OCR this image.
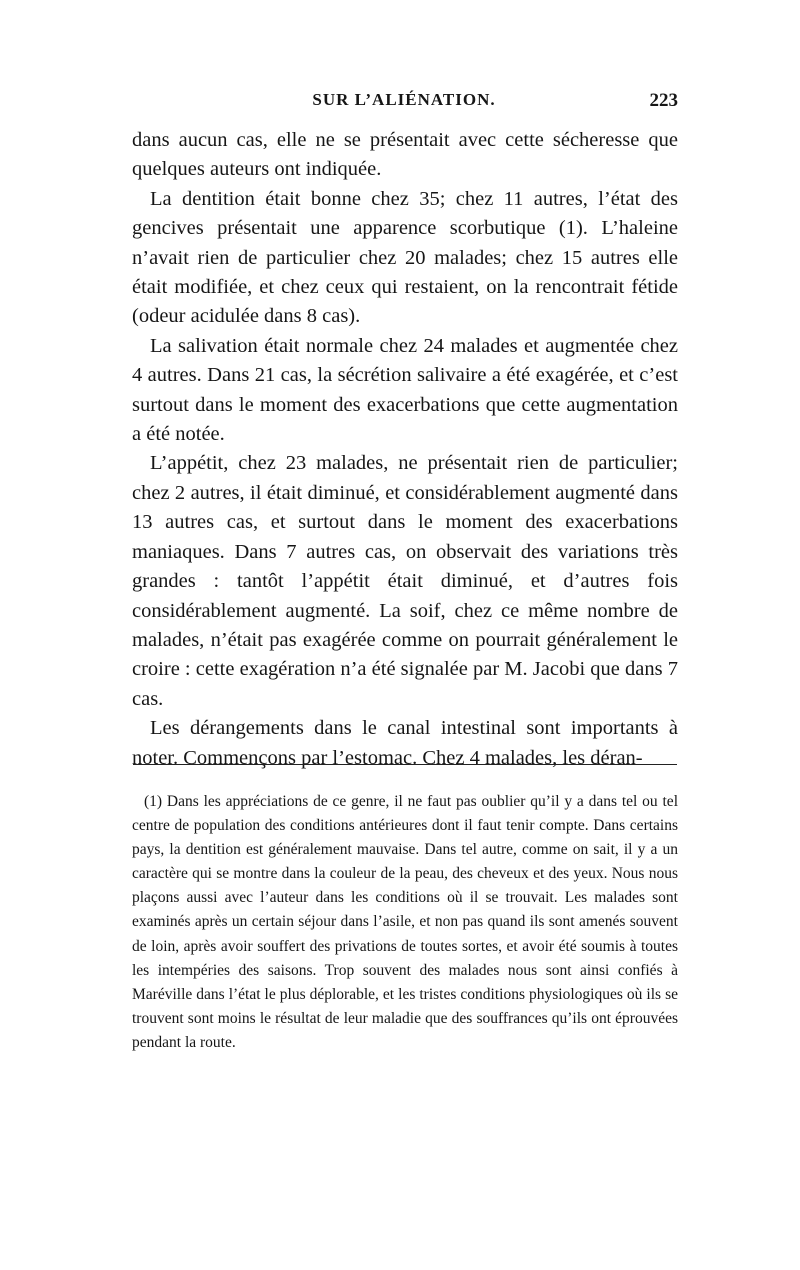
SUR L’ALIÉNATION.	223

dans aucun cas, elle ne se présentait avec cette sécheresse que quelques auteurs ont indiquée.

La dentition était bonne chez 35; chez 11 autres, l’état des gencives présentait une apparence scorbutique (1). L’haleine n’avait rien de particulier chez 20 malades; chez 15 autres elle était modifiée, et chez ceux qui restaient, on la rencontrait fétide (odeur acidulée dans 8 cas).

La salivation était normale chez 24 malades et augmentée chez 4 autres. Dans 21 cas, la sécrétion salivaire a été exagérée, et c’est surtout dans le moment des exacerbations que cette augmentation a été notée.

L’appétit, chez 23 malades, ne présentait rien de particulier; chez 2 autres, il était diminué, et considérablement augmenté dans 13 autres cas, et surtout dans le moment des exacerbations maniaques. Dans 7 autres cas, on observait des variations très grandes : tantôt l’appétit était diminué, et d’autres fois considérablement augmenté. La soif, chez ce même nombre de malades, n’était pas exagérée comme on pourrait généralement le croire : cette exagération n’a été signalée par M. Jacobi que dans 7 cas.

Les dérangements dans le canal intestinal sont importants à noter. Commençons par l’estomac. Chez 4 malades, les déran-

(1) Dans les appréciations de ce genre, il ne faut pas oublier qu’il y a dans tel ou tel centre de population des conditions antérieures dont il faut tenir compte. Dans certains pays, la dentition est généralement mauvaise. Dans tel autre, comme on sait, il y a un caractère qui se montre dans la couleur de la peau, des cheveux et des yeux. Nous nous plaçons aussi avec l’auteur dans les conditions où il se trouvait. Les malades sont examinés après un certain séjour dans l’asile, et non pas quand ils sont amenés souvent de loin, après avoir souffert des privations de toutes sortes, et avoir été soumis à toutes les intempéries des saisons. Trop souvent des malades nous sont ainsi confiés à Maréville dans l’état le plus déplorable, et les tristes conditions physiologiques où ils se trouvent sont moins le résultat de leur maladie que des souffrances qu’ils ont éprouvées pendant la route.
